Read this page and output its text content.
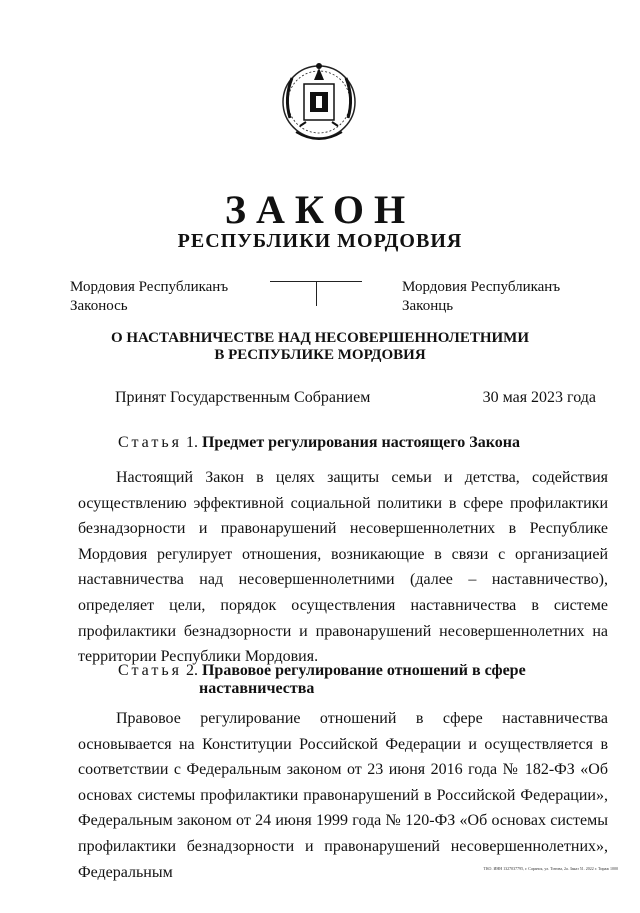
ЗАКОН
РЕСПУБЛИКИ МОРДОВИЯ
Мордовия Республиканъ
Законось
Мордовия Республиканъ
Законць
О НАСТАВНИЧЕСТВЕ НАД НЕСОВЕРШЕННОЛЕТНИМИ
В РЕСПУБЛИКЕ МОРДОВИЯ
Принят Государственным Собранием	30 мая 2023 года
Статья 1. Предмет регулирования настоящего Закона
Настоящий Закон в целях защиты семьи и детства, содействия осуществлению эффективной социальной политики в сфере профилактики безнадзорности и правонарушений несовершеннолетних в Республике Мордовия регулирует отношения, возникающие в связи с организацией наставничества над несовершеннолетними (далее – наставничество), определяет цели, порядок осуществления наставничества в системе профилактики безнадзорности и правонарушений несовершеннолетних на территории Республики Мордовия.
Статья 2. Правовое регулирование отношений в сфере
наставничества
Правовое регулирование отношений в сфере наставничества основывается на Конституции Российской Федерации и осуществляется в соответствии с Федеральным законом от 23 июня 2016 года № 182-ФЗ «Об основах системы профилактики правонарушений в Российской Федерации», Федеральным законом от 24 июня 1999 года № 120-ФЗ «Об основах системы профилактики безнадзорности и правонарушений несовершеннолетних», Федеральным	ТКО. ИНН 1327037795, г. Саранск, ул. Титова, 2а. Заказ 51. 2022 г. Тираж 1000
